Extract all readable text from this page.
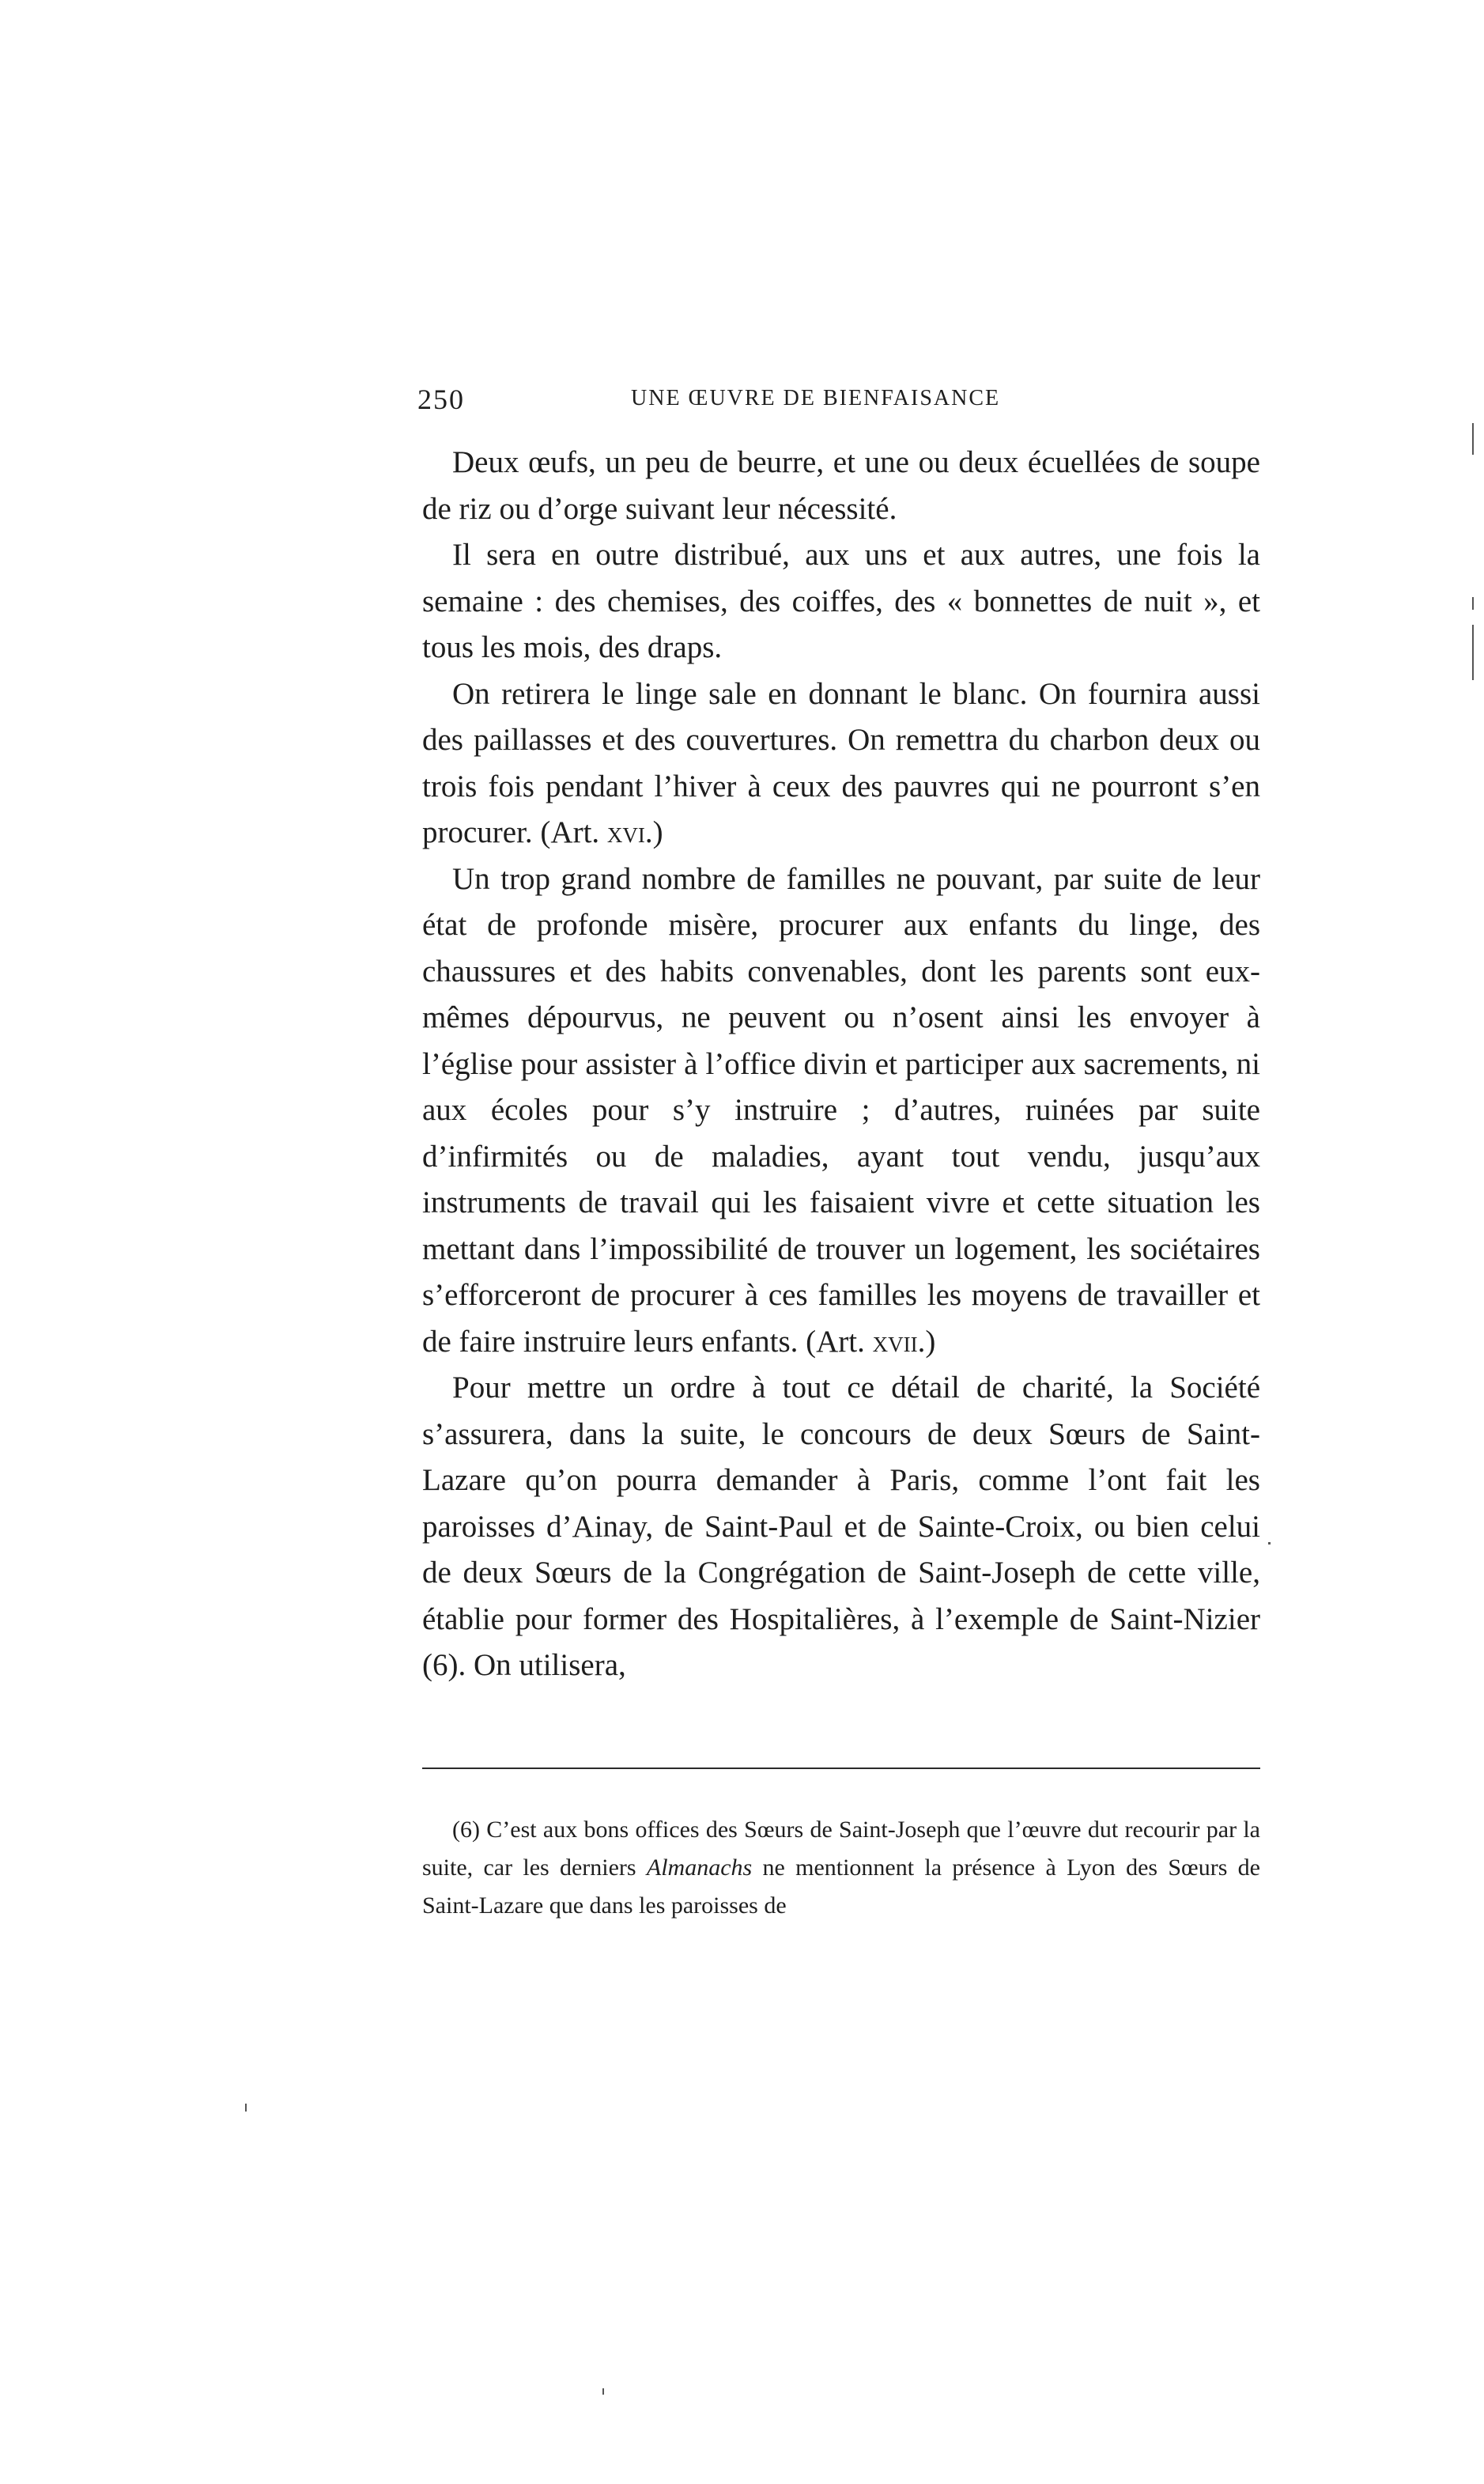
250	UNE ŒUVRE DE BIENFAISANCE

Deux œufs, un peu de beurre, et une ou deux écuellées de soupe de riz ou d’orge suivant leur nécessité.

Il sera en outre distribué, aux uns et aux autres, une fois la semaine : des chemises, des coiffes, des « bonnettes de nuit », et tous les mois, des draps.

On retirera le linge sale en donnant le blanc. On fournira aussi des paillasses et des couvertures. On remettra du charbon deux ou trois fois pendant l’hiver à ceux des pauvres qui ne pourront s’en procurer. (Art. xvi.)

Un trop grand nombre de familles ne pouvant, par suite de leur état de profonde misère, procurer aux enfants du linge, des chaussures et des habits convenables, dont les parents sont eux-mêmes dépourvus, ne peuvent ou n’osent ainsi les envoyer à l’église pour assister à l’office divin et participer aux sacrements, ni aux écoles pour s’y instruire ; d’autres, ruinées par suite d’infirmités ou de maladies, ayant tout vendu, jusqu’aux instruments de travail qui les faisaient vivre et cette situation les mettant dans l’impossibilité de trouver un logement, les sociétaires s’efforceront de procurer à ces familles les moyens de travailler et de faire instruire leurs enfants. (Art. xvii.)

Pour mettre un ordre à tout ce détail de charité, la Société s’assurera, dans la suite, le concours de deux Sœurs de Saint-Lazare qu’on pourra demander à Paris, comme l’ont fait les paroisses d’Ainay, de Saint-Paul et de Sainte-Croix, ou bien celui de deux Sœurs de la Congrégation de Saint-Joseph de cette ville, établie pour former des Hospitalières, à l’exemple de Saint-Nizier (6). On utilisera,

(6) C’est aux bons offices des Sœurs de Saint-Joseph que l’œuvre dut recourir par la suite, car les derniers Almanachs ne mentionnent la présence à Lyon des Sœurs de Saint-Lazare que dans les paroisses de
